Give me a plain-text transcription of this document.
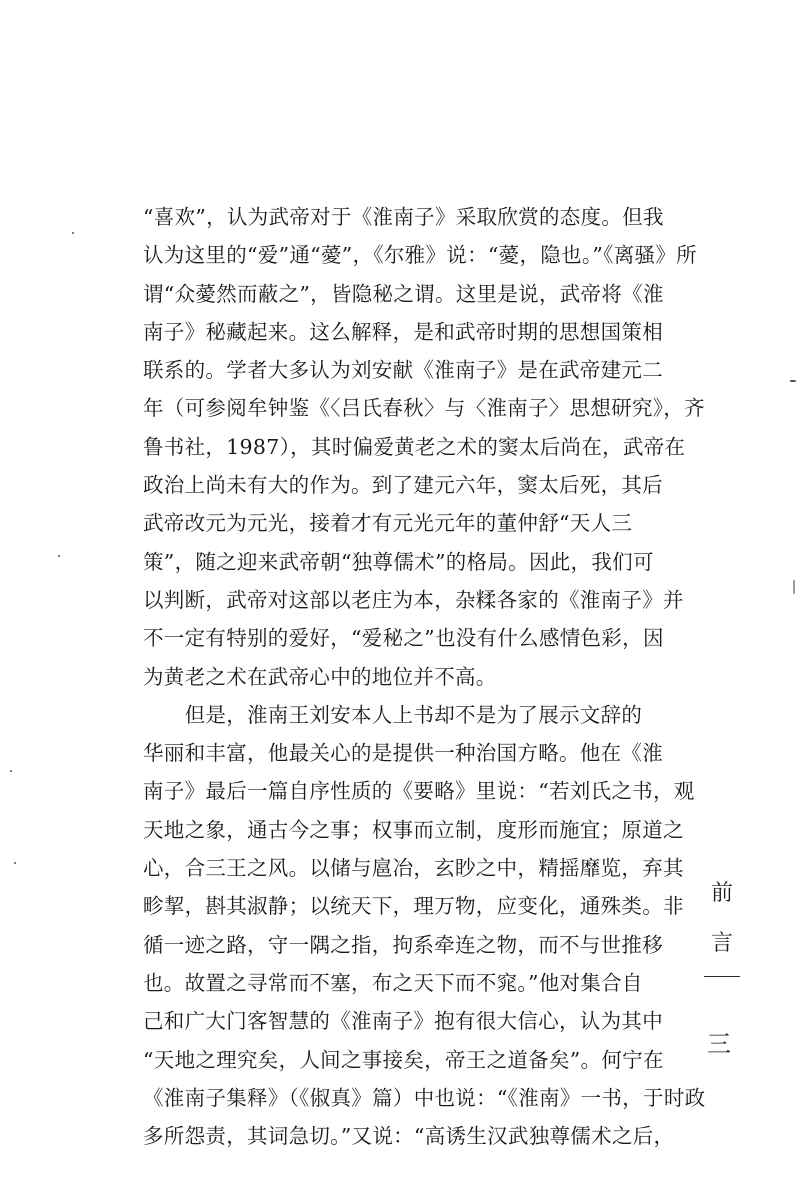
“喜欢”，认为武帝对于《淮南子》采取欣赏的态度。但我
认为这里的“爱”通“薆”，《尔雅》说：“薆，隐也。”《离骚》所
谓“众薆然而蔽之”，皆隐秘之谓。这里是说，武帝将《淮
南子》秘藏起来。这么解释，是和武帝时期的思想国策相
联系的。学者大多认为刘安献《淮南子》是在武帝建元二
年（可参阅牟钟鉴《〈吕氏春秋〉与〈淮南子〉思想研究》，齐
鲁书社，1987），其时偏爱黄老之术的窦太后尚在，武帝在
政治上尚未有大的作为。到了建元六年，窦太后死，其后
武帝改元为元光，接着才有元光元年的董仲舒“天人三
策”，随之迎来武帝朝“独尊儒术”的格局。因此，我们可
以判断，武帝对这部以老庄为本，杂糅各家的《淮南子》并
不一定有特别的爱好，“爱秘之”也没有什么感情色彩，因
为黄老之术在武帝心中的地位并不高。
　　但是，淮南王刘安本人上书却不是为了展示文辞的
华丽和丰富，他最关心的是提供一种治国方略。他在《淮
南子》最后一篇自序性质的《要略》里说：“若刘氏之书，观
天地之象，通古今之事；权事而立制，度形而施宜；原道之
心，合三王之风。以储与扈冶，玄眇之中，精摇靡览，弃其
畛挈，斟其淑静；以统天下，理万物，应变化，通殊类。非
循一迹之路，守一隅之指，拘系牵连之物，而不与世推移
也。故置之寻常而不塞，布之天下而不窕。”他对集合自
己和广大门客智慧的《淮南子》抱有很大信心，认为其中
“天地之理究矣，人间之事接矣，帝王之道备矣”。何宁在
《淮南子集释》（《俶真》篇）中也说：“《淮南》一书，于时政
多所怨责，其词急切。”又说：“高诱生汉武独尊儒术之后，
前
言
三
